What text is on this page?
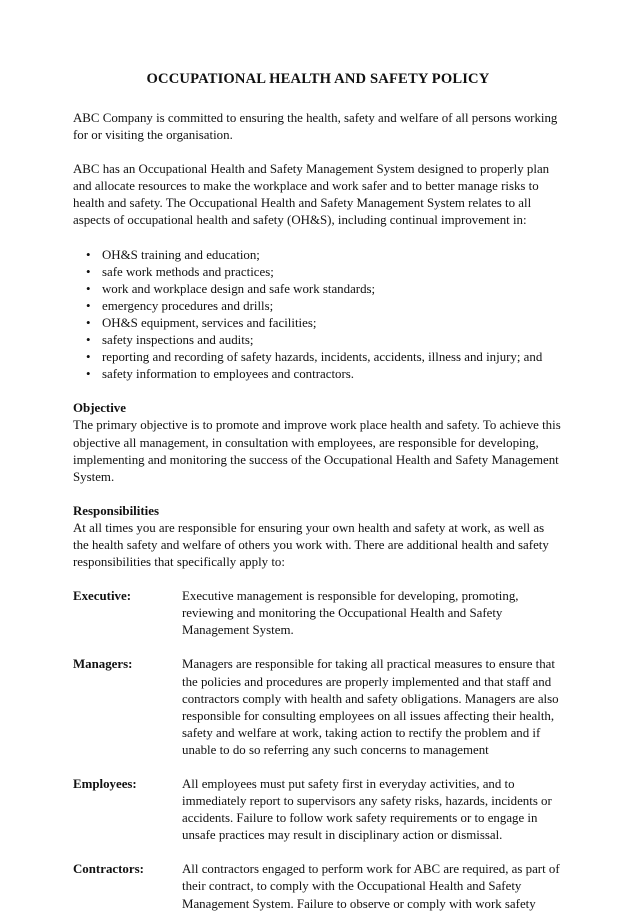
OCCUPATIONAL HEALTH AND SAFETY POLICY

ABC Company is committed to ensuring the health, safety and welfare of all persons working for or visiting the organisation.

ABC has an Occupational Health and Safety Management System designed to properly plan and allocate resources to make the workplace and work safer and to better manage risks to health and safety. The Occupational Health and Safety Management System relates to all aspects of occupational health and safety (OH&S), including continual improvement in:

• OH&S training and education;
• safe work methods and practices;
• work and workplace design and safe work standards;
• emergency procedures and drills;
• OH&S equipment, services and facilities;
• safety inspections and audits;
• reporting and recording of safety hazards, incidents, accidents, illness and injury; and
• safety information to employees and contractors.
Objective

The primary objective is to promote and improve work place health and safety. To achieve this objective all management, in consultation with employees, are responsible for developing, implementing and monitoring the success of the Occupational Health and Safety Management System.

Responsibilities

At all times you are responsible for ensuring your own health and safety at work, as well as the health safety and welfare of others you work with. There are additional health and safety responsibilities that specifically apply to:

Executive:	Executive management is responsible for developing, promoting, reviewing and monitoring the Occupational Health and Safety Management System.
Managers:	Managers are responsible for taking all practical measures to ensure that the policies and procedures are properly implemented and that staff and contractors comply with health and safety obligations. Managers are also responsible for consulting employees on all issues affecting their health, safety and welfare at work, taking action to rectify the problem and if unable to do so referring any such concerns to management
Employees:	All employees must put safety first in everyday activities, and to immediately report to supervisors any safety risks, hazards, incidents or accidents. Failure to follow work safety requirements or to engage in unsafe practices may result in disciplinary action or dismissal.
Contractors:	All contractors engaged to perform work for ABC are required, as part of their contract, to comply with the Occupational Health and Safety Management System. Failure to observe or comply with work safety
